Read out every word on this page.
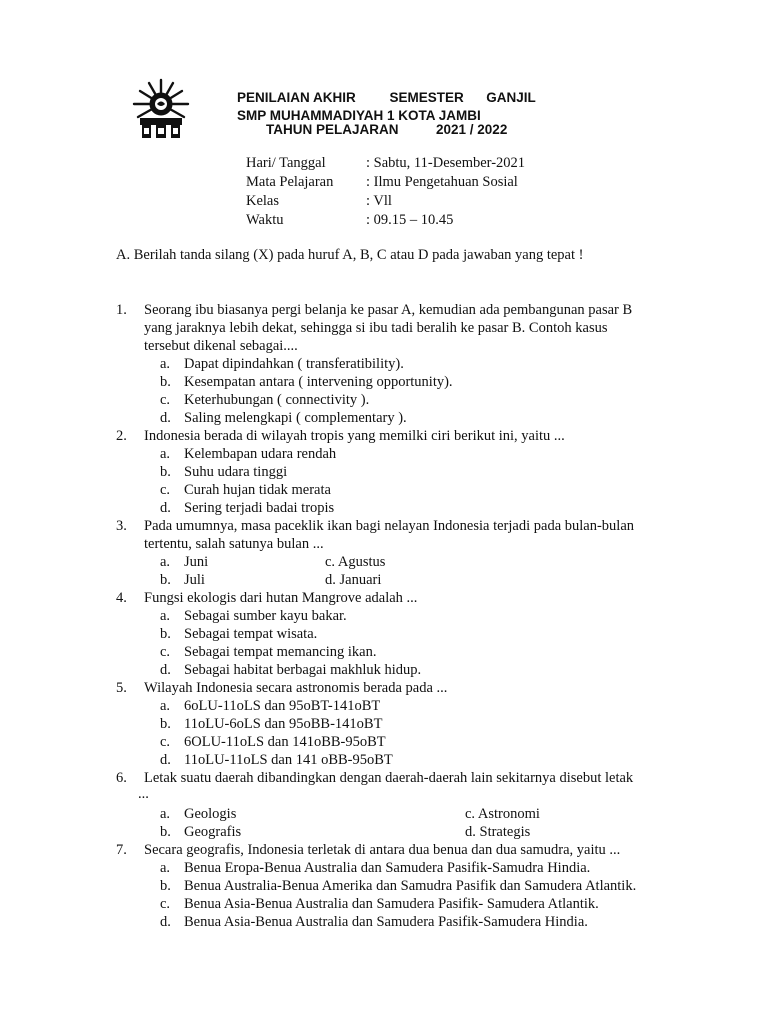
PENILAIAN AKHIR         SEMESTER      GANJIL
SMP MUHAMMADIYAH 1 KOTA JAMBI
TAHUN PELAJARAN          2021 / 2022
Hari/ Tanggal	: Sabtu, 11-Desember-2021
Mata Pelajaran : Ilmu Pengetahuan Sosial
Kelas	: Vll
Waktu	: 09.15 – 10.45
A. Berilah tanda silang (X) pada huruf A, B, C atau D pada jawaban yang tepat !
1. Seorang ibu biasanya pergi belanja ke pasar A, kemudian ada pembangunan pasar B
yang jaraknya lebih dekat, sehingga si ibu tadi beralih ke pasar B. Contoh kasus
tersebut dikenal sebagai....
a. Dapat dipindahkan ( transferatibility).
b. Kesempatan antara ( intervening opportunity).
c. Keterhubungan ( connectivity ).
d. Saling melengkapi ( complementary ).
2. Indonesia berada di wilayah tropis yang memilki ciri berikut ini, yaitu ...
a. Kelembapan udara rendah
b. Suhu udara tinggi
c. Curah hujan tidak merata
d. Sering terjadi badai tropis
3. Pada umumnya, masa paceklik ikan bagi nelayan Indonesia terjadi pada bulan-bulan
tertentu, salah satunya bulan ...
a. Juni	c. Agustus
b. Juli	d. Januari
4. Fungsi ekologis dari hutan Mangrove adalah ...
a. Sebagai sumber kayu bakar.
b. Sebagai tempat wisata.
c. Sebagai tempat memancing ikan.
d. Sebagai habitat berbagai makhluk hidup.
5. Wilayah Indonesia secara astronomis berada pada ...
a. 6oLU-11oLS dan 95oBT-141oBT
b. 11oLU-6oLS dan 95oBB-141oBT
c. 6OLU-11oLS dan 141oBB-95oBT
d. 11oLU-11oLS dan 141 oBB-95oBT
6. Letak suatu daerah dibandingkan dengan daerah-daerah lain sekitarnya disebut letak
...
a. Geologis	c. Astronomi
b. Geografis	d. Strategis
7. Secara geografis, Indonesia terletak di antara dua benua dan dua samudra, yaitu ...
a. Benua Eropa-Benua Australia dan Samudera Pasifik-Samudra Hindia.
b. Benua Australia-Benua Amerika dan Samudra Pasifik dan Samudera Atlantik.
c. Benua Asia-Benua Australia dan Samudera Pasifik- Samudera Atlantik.
d. Benua Asia-Benua Australia dan Samudera Pasifik-Samudera Hindia.
